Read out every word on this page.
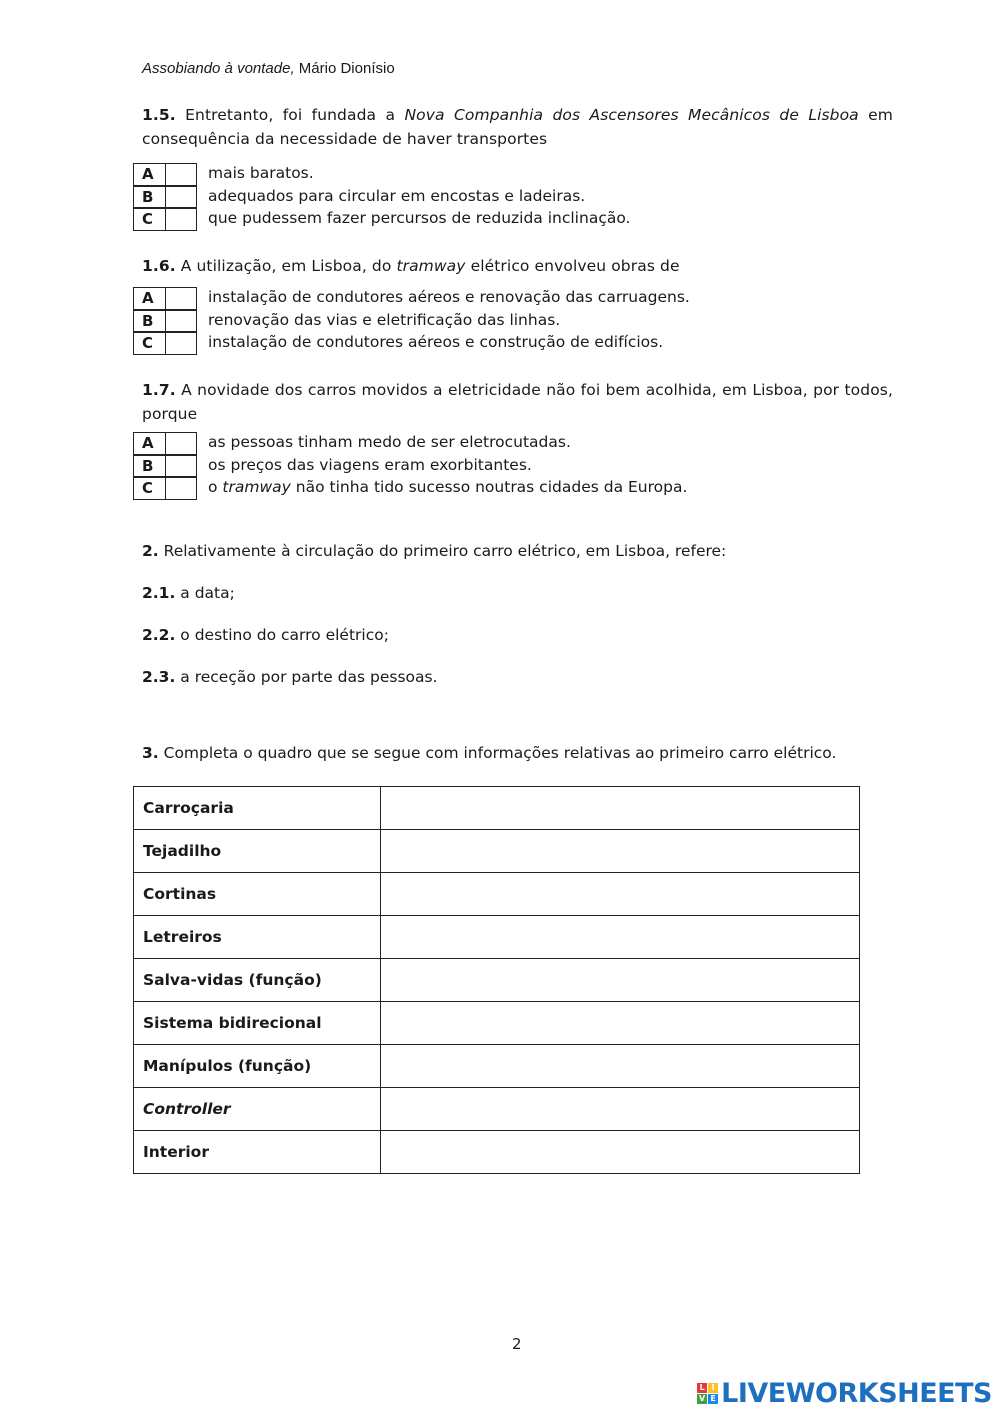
Assobiando à vontade, Mário Dionísio
1.5. Entretanto, foi fundada a Nova Companhia dos Ascensores Mecânicos de Lisboa em consequência da necessidade de haver transportes
A	mais baratos.
B	adequados para circular em encostas e ladeiras.
C	que pudessem fazer percursos de reduzida inclinação.
1.6. A utilização, em Lisboa, do tramway elétrico envolveu obras de
A	instalação de condutores aéreos e renovação das carruagens.
B	renovação das vias e eletrificação das linhas.
C	instalação de condutores aéreos e construção de edifícios.
1.7. A novidade dos carros movidos a eletricidade não foi bem acolhida, em Lisboa, por todos, porque
A	as pessoas tinham medo de ser eletrocutadas.
B	os preços das viagens eram exorbitantes.
C	o tramway não tinha tido sucesso noutras cidades da Europa.
2. Relativamente à circulação do primeiro carro elétrico, em Lisboa, refere:
2.1. a data;
2.2. o destino do carro elétrico;
2.3. a receção por parte das pessoas.
3. Completa o quadro que se segue com informações relativas ao primeiro carro elétrico.
Carroçaria	
Tejadilho	
Cortinas	
Letreiros	
Salva-vidas (função)	
Sistema bidirecional	
Manípulos (função)	
Controller	
Interior	
2
L I
V E LIVEWORKSHEETS
